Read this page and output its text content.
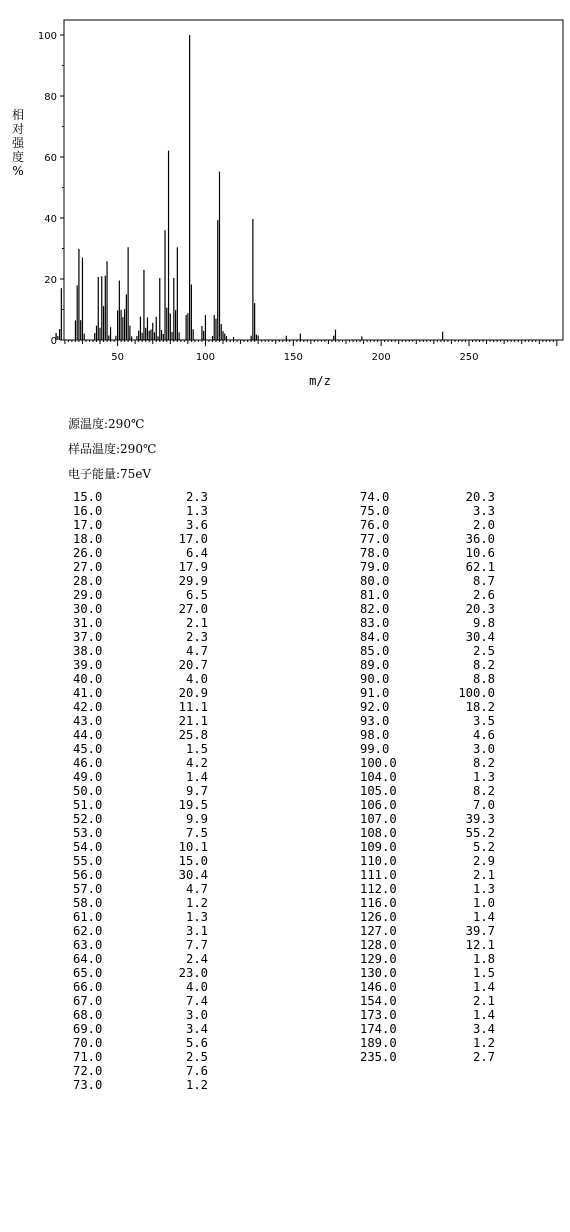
0
20
40
60
80
100
50	100	150	200	250
m/z
相
对
强
度
%
源温度:290℃
样品温度:290℃
电子能量:75eV
15.0	2.3
16.0	1.3
17.0	3.6
18.0	17.0
26.0	6.4
27.0	17.9
28.0	29.9
29.0	6.5
30.0	27.0
31.0	2.1
37.0	2.3
38.0	4.7
39.0	20.7
40.0	4.0
41.0	20.9
42.0	11.1
43.0	21.1
44.0	25.8
45.0	1.5
46.0	4.2
49.0	1.4
50.0	9.7
51.0	19.5
52.0	9.9
53.0	7.5
54.0	10.1
55.0	15.0
56.0	30.4
57.0	4.7
58.0	1.2
61.0	1.3
62.0	3.1
63.0	7.7
64.0	2.4
65.0	23.0
66.0	4.0
67.0	7.4
68.0	3.0
69.0	3.4
70.0	5.6
71.0	2.5
72.0	7.6
73.0	1.2
74.0	20.3
75.0	3.3
76.0	2.0
77.0	36.0
78.0	10.6
79.0	62.1
80.0	8.7
81.0	2.6
82.0	20.3
83.0	9.8
84.0	30.4
85.0	2.5
89.0	8.2
90.0	8.8
91.0	100.0
92.0	18.2
93.0	3.5
98.0	4.6
99.0	3.0
100.0	8.2
104.0	1.3
105.0	8.2
106.0	7.0
107.0	39.3
108.0	55.2
109.0	5.2
110.0	2.9
111.0	2.1
112.0	1.3
116.0	1.0
126.0	1.4
127.0	39.7
128.0	12.1
129.0	1.8
130.0	1.5
146.0	1.4
154.0	2.1
173.0	1.4
174.0	3.4
189.0	1.2
235.0	2.7
